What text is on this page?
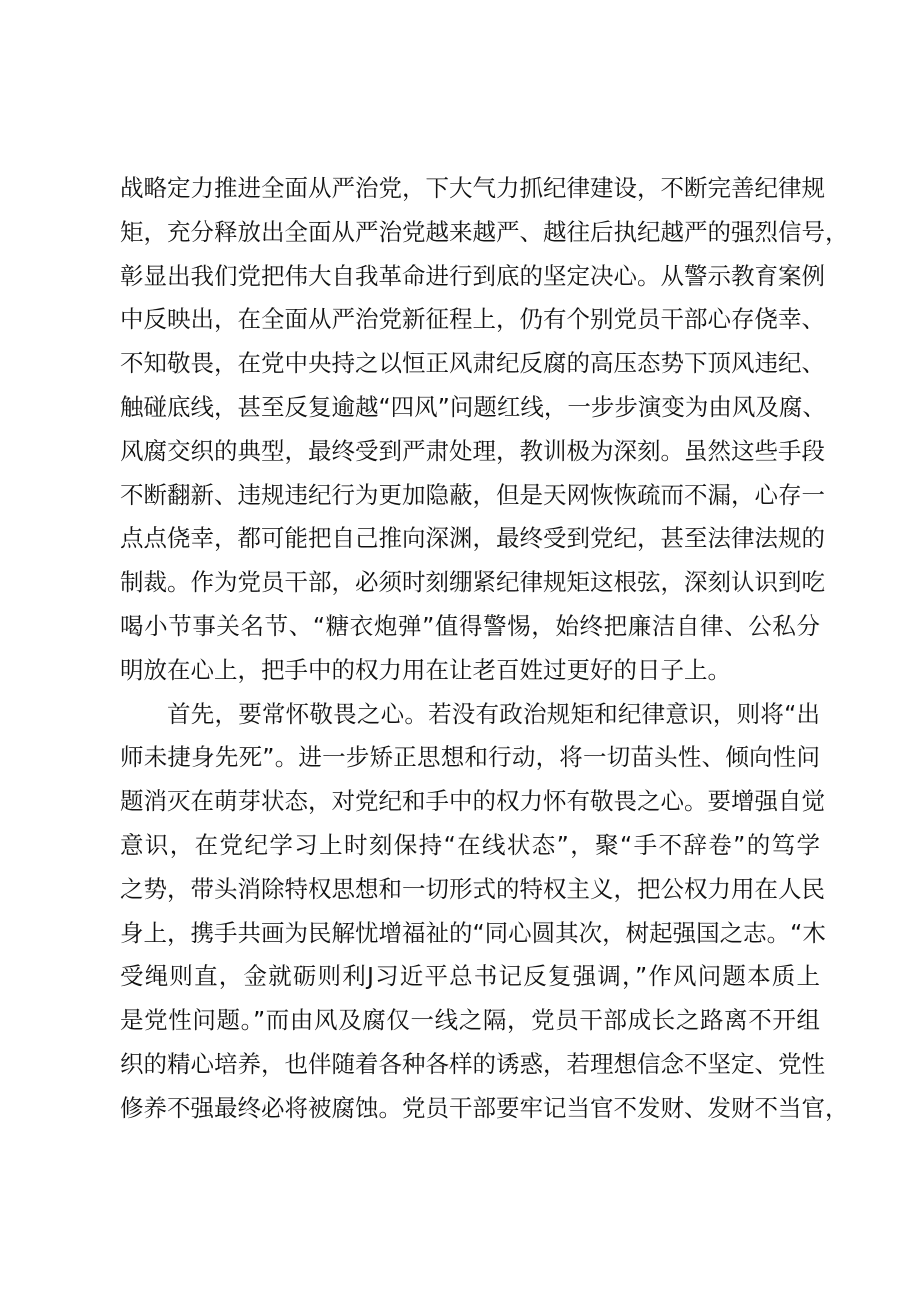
战略定力推进全面从严治党，下大气力抓纪律建设，不断完善纪律规
矩，充分释放出全面从严治党越来越严、越往后执纪越严的强烈信号，
彰显出我们党把伟大自我革命进行到底的坚定决心。从警示教育案例
中反映出，在全面从严治党新征程上，仍有个别党员干部心存侥幸、
不知敬畏，在党中央持之以恒正风肃纪反腐的高压态势下顶风违纪、
触碰底线，甚至反复逾越“四风”问题红线，一步步演变为由风及腐、
风腐交织的典型，最终受到严肃处理，教训极为深刻。虽然这些手段
不断翻新、违规违纪行为更加隐蔽，但是天网恢恢疏而不漏，心存一
点点侥幸，都可能把自己推向深渊，最终受到党纪，甚至法律法规的
制裁。作为党员干部，必须时刻绷紧纪律规矩这根弦，深刻认识到吃
喝小节事关名节、“糖衣炮弹”值得警惕，始终把廉洁自律、公私分
明放在心上，把手中的权力用在让老百姓过更好的日子上。
首先，要常怀敬畏之心。若没有政治规矩和纪律意识，则将“出
师未捷身先死”。进一步矫正思想和行动，将一切苗头性、倾向性问
题消灭在萌芽状态，对党纪和手中的权力怀有敬畏之心。要增强自觉
意识，在党纪学习上时刻保持“在线状态”，聚“手不辞卷”的笃学
之势，带头消除特权思想和一切形式的特权主义，把公权力用在人民
身上，携手共画为民解忧增福祉的“同心圆其次，树起强国之志。“木
受绳则直，金就砺则利J习近平总书记反复强调，”作风问题本质上
是党性问题。”而由风及腐仅一线之隔，党员干部成长之路离不开组
织的精心培养，也伴随着各种各样的诱惑，若理想信念不坚定、党性
修养不强最终必将被腐蚀。党员干部要牢记当官不发财、发财不当官，
